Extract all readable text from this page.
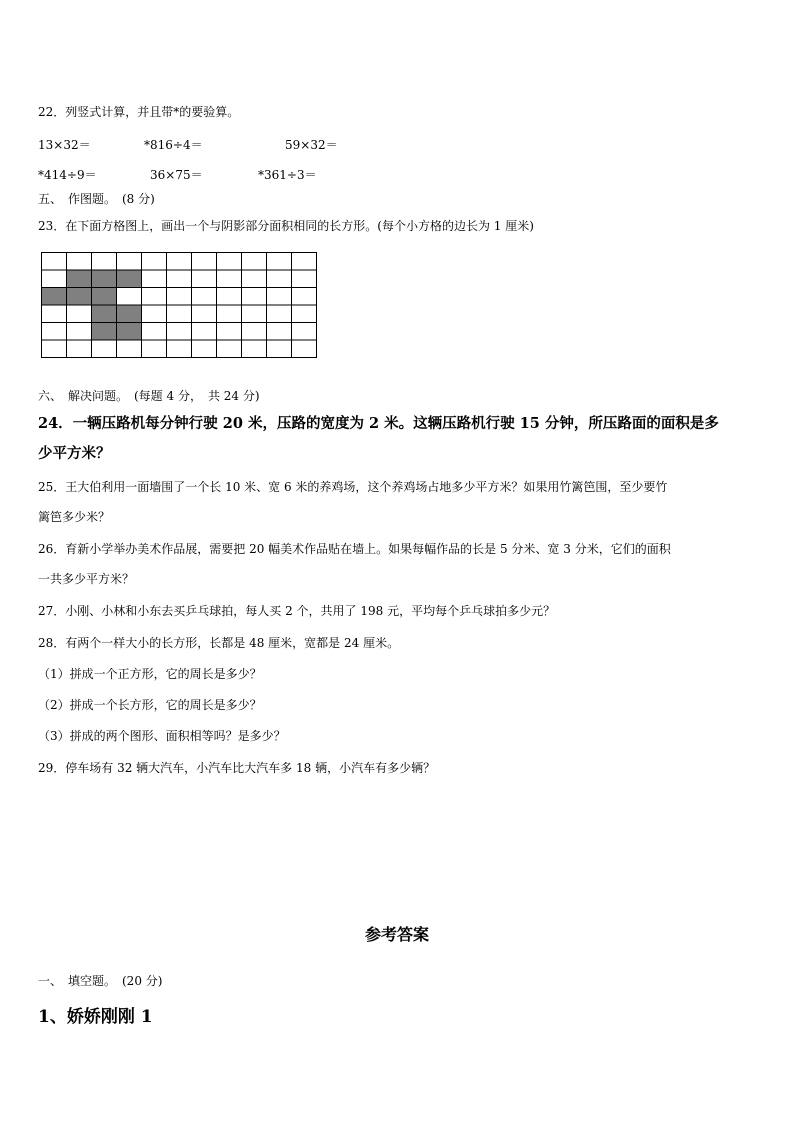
22．列竖式计算，并且带*的要验算。
13×32＝	*816÷4＝	59×32＝
*414÷9＝	36×75＝	*361÷3＝
五、　作图题。　(8 分)
23．在下面方格图上，画出一个与阴影部分面积相同的长方形。(每个小方格的边长为 1 厘米)
六、　解决问题。　(每题 4 分，　共 24 分)
24．一辆压路机每分钟行驶 20 米，压路的宽度为 2 米。这辆压路机行驶 15 分钟，所压路面的面积是多
少平方米？
25．王大伯利用一面墙围了一个长 10 米、宽 6 米的养鸡场，这个养鸡场占地多少平方米？如果用竹篱笆围，至少要竹
篱笆多少米？
26．育新小学举办美术作品展，需要把 20 幅美术作品贴在墙上。如果每幅作品的长是 5 分米、宽 3 分米，它们的面积
一共多少平方米？
27．小刚、小林和小东去买乒乓球拍，每人买 2 个，共用了 198 元，平均每个乒乓球拍多少元？
28．有两个一样大小的长方形，长都是 48 厘米，宽都是 24 厘米。
（1）拼成一个正方形，它的周长是多少？
（2）拼成一个长方形，它的周长是多少？
（3）拼成的两个图形、面积相等吗？是多少？
29．停车场有 32 辆大汽车，小汽车比大汽车多 18 辆，小汽车有多少辆？
参考答案
一、　填空题。　(20 分)
1、娇娇刚刚 1
